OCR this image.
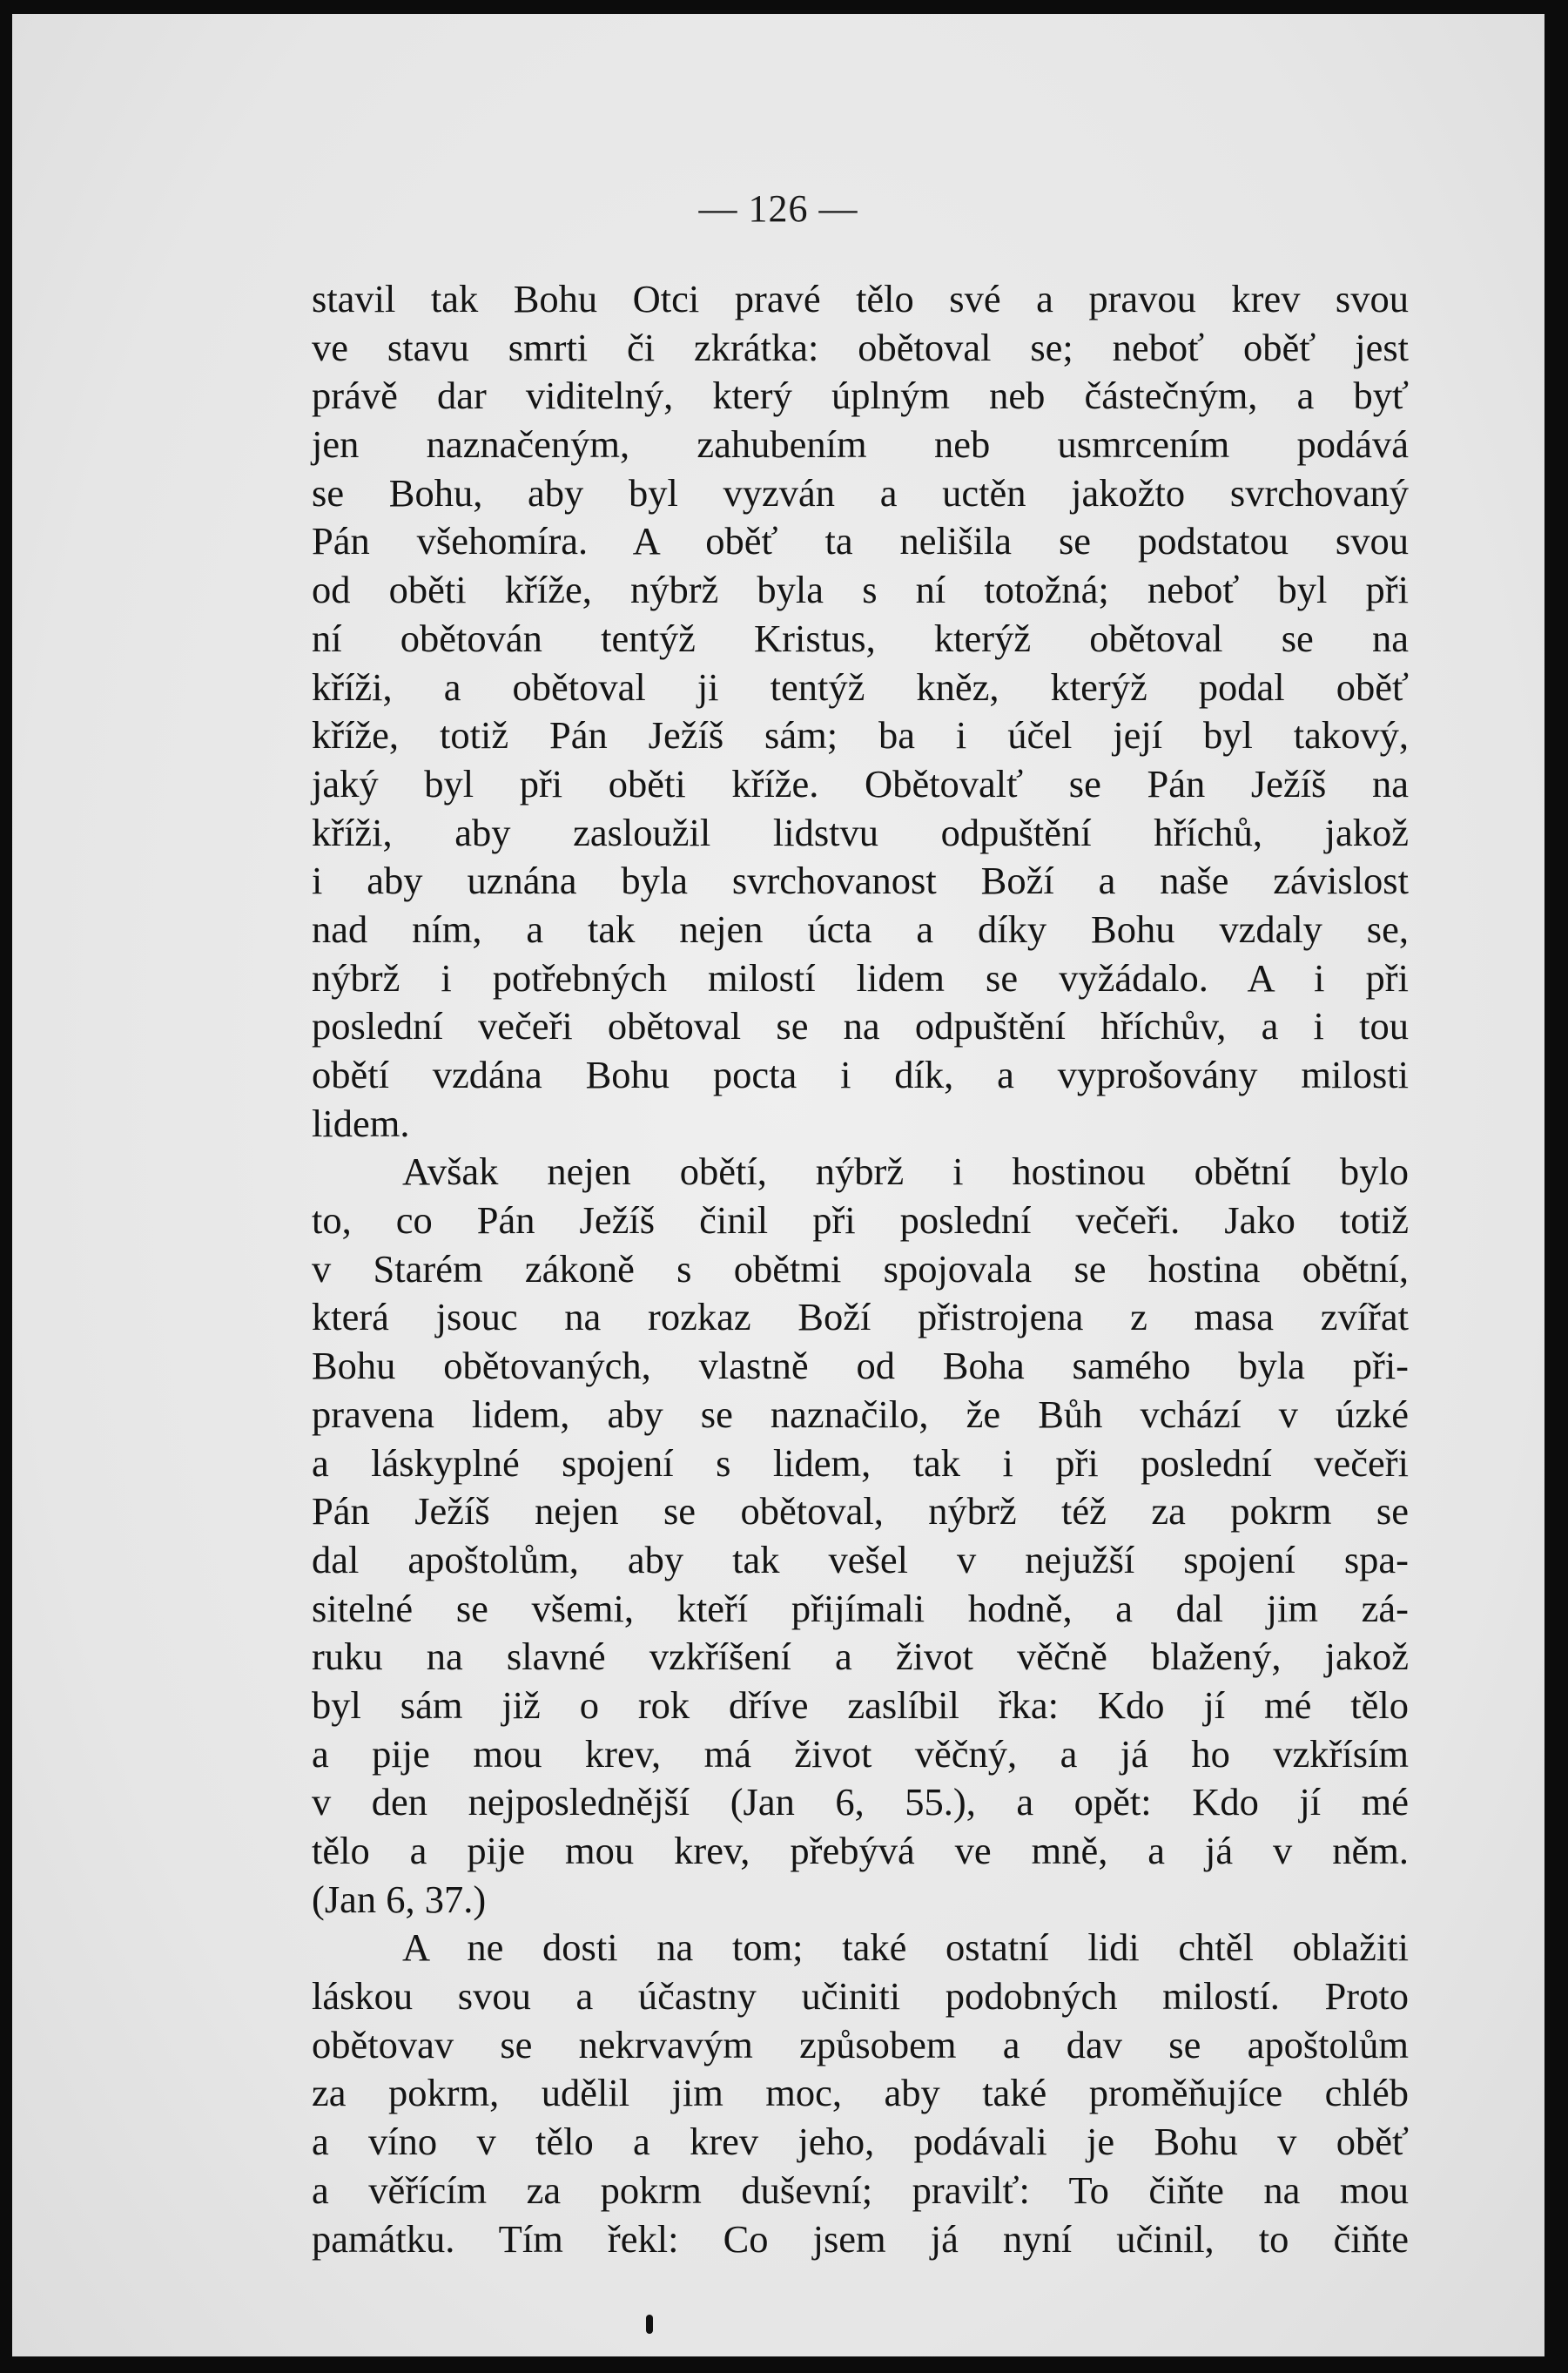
— 126 —
stavil tak Bohu Otci pravé tělo své a pravou krev svou
ve stavu smrti či zkrátka: obětoval se; neboť oběť jest
právě dar viditelný, který úplným neb částečným, a byť
jen naznačeným, zahubením neb usmrcením podává
se Bohu, aby byl vyzván a uctěn jakožto svrchovaný
Pán všehomíra. A oběť ta nelišila se podstatou svou
od oběti kříže, nýbrž byla s ní totožná; neboť byl při
ní obětován tentýž Kristus, kterýž obětoval se na
kříži, a obětoval ji tentýž kněz, kterýž podal oběť
kříže, totiž Pán Ježíš sám; ba i účel její byl takový,
jaký byl při oběti kříže. Obětovalť se Pán Ježíš na
kříži, aby zasloužil lidstvu odpuštění hříchů, jakož
i aby uznána byla svrchovanost Boží a naše závislost
nad ním, a tak nejen úcta a díky Bohu vzdaly se,
nýbrž i potřebných milostí lidem se vyžádalo. A i při
poslední večeři obětoval se na odpuštění hříchův, a i tou
obětí vzdána Bohu pocta i dík, a vyprošovány milosti
lidem.
Avšak nejen obětí, nýbrž i hostinou obětní bylo
to, co Pán Ježíš činil při poslední večeři. Jako totiž
v Starém zákoně s obětmi spojovala se hostina obětní,
která jsouc na rozkaz Boží přistrojena z masa zvířat
Bohu obětovaných, vlastně od Boha samého byla při-
pravena lidem, aby se naznačilo, že Bůh vchází v úzké
a láskyplné spojení s lidem, tak i při poslední večeři
Pán Ježíš nejen se obětoval, nýbrž též za pokrm se
dal apoštolům, aby tak vešel v nejužší spojení spa-
sitelné se všemi, kteří přijímali hodně, a dal jim zá-
ruku na slavné vzkříšení a život věčně blažený, jakož
byl sám již o rok dříve zaslíbil řka: Kdo jí mé tělo
a pije mou krev, má život věčný, a já ho vzkřísím
v den nejposlednější (Jan 6, 55.), a opět: Kdo jí mé
tělo a pije mou krev, přebývá ve mně, a já v něm.
(Jan 6, 37.)
A ne dosti na tom; také ostatní lidi chtěl oblažiti
láskou svou a účastny učiniti podobných milostí. Proto
obětovav se nekrvavým způsobem a dav se apoštolům
za pokrm, udělil jim moc, aby také proměňujíce chléb
a víno v tělo a krev jeho, podávali je Bohu v oběť
a věřícím za pokrm duševní; pravilť: To čiňte na mou
památku. Tím řekl: Co jsem já nyní učinil, to čiňte
